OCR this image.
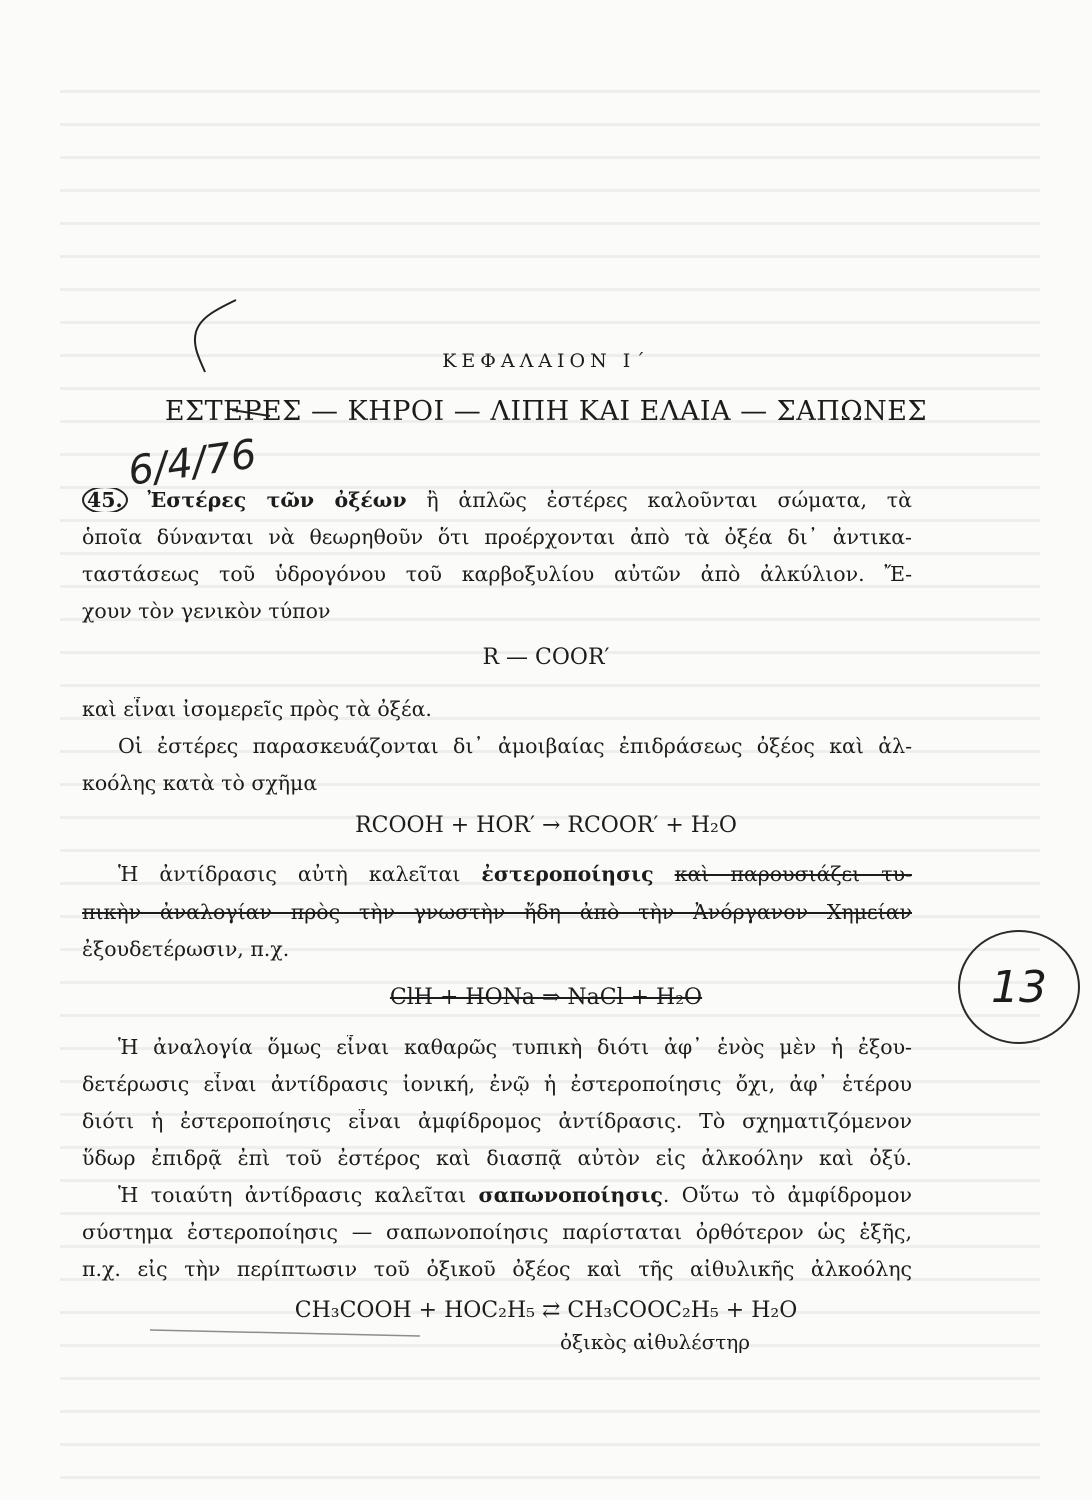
ΚΕΦΑΛΑΙΟΝ Ι΄
ΕΣΤΕΡΕΣ — ΚΗΡΟΙ — ΛΙΠΗ ΚΑΙ ΕΛΑΙΑ — ΣΑΠΩΝΕΣ
6/4/76
45. Ἐστέρες τῶν ὀξέων ἢ ἁπλῶς ἐστέρες καλοῦνται σώματα, τὰ
ὁποῖα δύνανται νὰ θεωρηθοῦν ὅτι προέρχονται ἀπὸ τὰ ὀξέα δι᾽ ἀντικα-
ταστάσεως τοῦ ὑδρογόνου τοῦ καρβοξυλίου αὐτῶν ἀπὸ ἀλκύλιον. Ἔ-
χουν τὸν γενικὸν τύπον
R — COOR′
καὶ εἶναι ἰσομερεῖς πρὸς τὰ ὀξέα.
Οἱ ἐστέρες παρασκευάζονται δι᾽ ἀμοιβαίας ἐπιδράσεως ὀξέος καὶ ἀλ-
κοόλης κατὰ τὸ σχῆμα
RCOOH + HOR′ → RCOOR′ + H₂O
Ἡ ἀντίδρασις αὐτὴ καλεῖται ἐστεροποίησις καὶ παρουσιάζει τυ-
πικὴν ἀναλογίαν πρὸς τὴν γνωστὴν ἤδη ἀπὸ τὴν Ἀνόργανον Χημείαν
ἐξουδετέρωσιν, π.χ.
ClH + HONa ⇒ NaCl + H₂O	13
Ἡ ἀναλογία ὅμως εἶναι καθαρῶς τυπικὴ διότι ἀφ᾽ ἑνὸς μὲν ἡ ἐξου-
δετέρωσις εἶναι ἀντίδρασις ἰονική, ἐνῷ ἡ ἐστεροποίησις ὄχι, ἀφ᾽ ἑτέρου
διότι ἡ ἐστεροποίησις εἶναι ἀμφίδρομος ἀντίδρασις. Τὸ σχηματιζόμενον
ὕδωρ ἐπιδρᾷ ἐπὶ τοῦ ἐστέρος καὶ διασπᾷ αὐτὸν εἰς ἀλκοόλην καὶ ὀξύ.
Ἡ τοιαύτη ἀντίδρασις καλεῖται σαπωνοποίησις. Οὕτω τὸ ἀμφίδρομον
σύστημα ἐστεροποίησις — σαπωνοποίησις παρίσταται ὀρθότερον ὡς ἑξῆς,
π.χ. εἰς τὴν περίπτωσιν τοῦ ὀξικοῦ ὀξέος καὶ τῆς αἰθυλικῆς ἀλκοόλης
CH₃COOH + HOC₂H₅ ⇄ CH₃COOC₂H₅ + H₂O
ὀξικὸς αἰθυλέστηρ
